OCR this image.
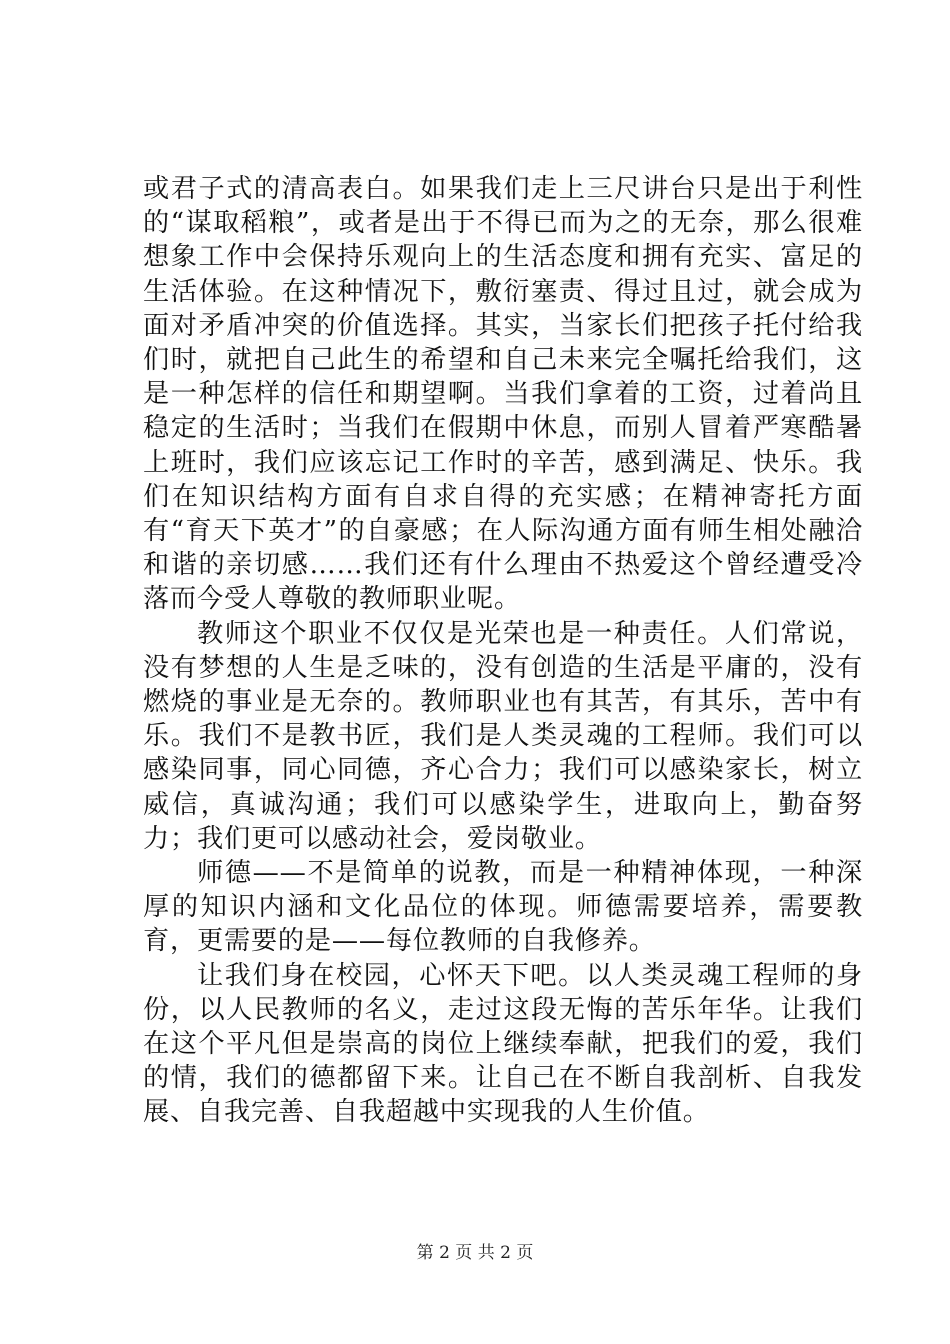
或君子式的清高表白。如果我们走上三尺讲台只是出于利性的“谋取稻粮”，或者是出于不得已而为之的无奈，那么很难想象工作中会保持乐观向上的生活态度和拥有充实、富足的生活体验。在这种情况下，敷衍塞责、得过且过，就会成为面对矛盾冲突的价值选择。其实，当家长们把孩子托付给我们时，就把自己此生的希望和自己未来完全嘱托给我们，这是一种怎样的信任和期望啊。当我们拿着的工资，过着尚且稳定的生活时；当我们在假期中休息，而别人冒着严寒酷暑上班时，我们应该忘记工作时的辛苦，感到满足、快乐。我们在知识结构方面有自求自得的充实感；在精神寄托方面有“育天下英才”的自豪感；在人际沟通方面有师生相处融洽和谐的亲切感……我们还有什么理由不热爱这个曾经遭受冷落而今受人尊敬的教师职业呢。

教师这个职业不仅仅是光荣也是一种责任。人们常说，没有梦想的人生是乏味的，没有创造的生活是平庸的，没有燃烧的事业是无奈的。教师职业也有其苦，有其乐，苦中有乐。我们不是教书匠，我们是人类灵魂的工程师。我们可以感染同事，同心同德，齐心合力；我们可以感染家长，树立威信，真诚沟通；我们可以感染学生，进取向上，勤奋努力；我们更可以感动社会，爱岗敬业。

师德——不是简单的说教，而是一种精神体现，一种深厚的知识内涵和文化品位的体现。师德需要培养，需要教育，更需要的是——每位教师的自我修养。

让我们身在校园，心怀天下吧。以人类灵魂工程师的身份，以人民教师的名义，走过这段无悔的苦乐年华。让我们在这个平凡但是崇高的岗位上继续奉献，把我们的爱，我们的情，我们的德都留下来。让自己在不断自我剖析、自我发展、自我完善、自我超越中实现我的人生价值。

第 2 页 共 2 页
